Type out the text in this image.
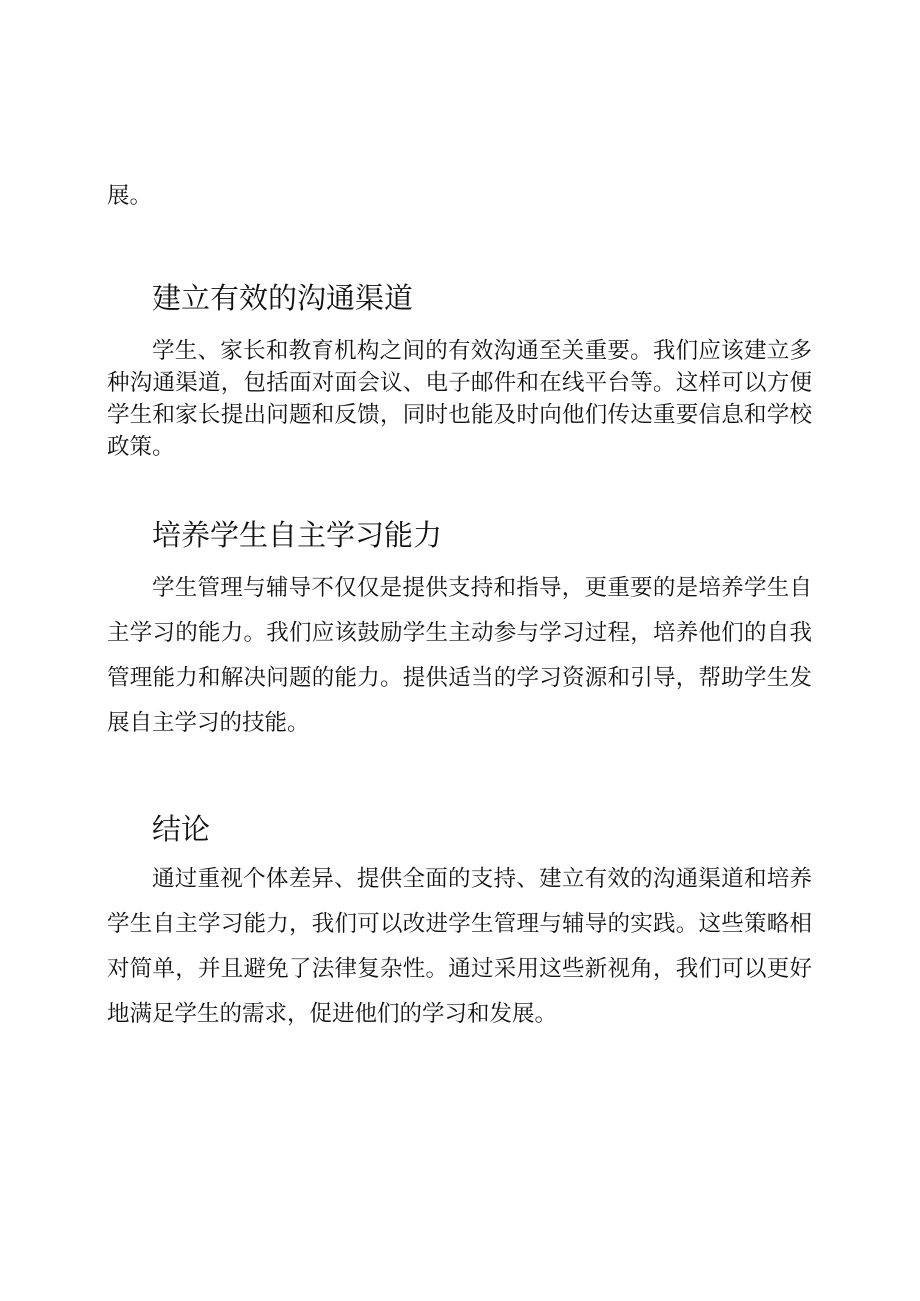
展。

建立有效的沟通渠道

学生、家长和教育机构之间的有效沟通至关重要。我们应该建立多种沟通渠道，包括面对面会议、电子邮件和在线平台等。这样可以方便学生和家长提出问题和反馈，同时也能及时向他们传达重要信息和学校政策。

培养学生自主学习能力

学生管理与辅导不仅仅是提供支持和指导，更重要的是培养学生自主学习的能力。我们应该鼓励学生主动参与学习过程，培养他们的自我管理能力和解决问题的能力。提供适当的学习资源和引导，帮助学生发展自主学习的技能。

结论

通过重视个体差异、提供全面的支持、建立有效的沟通渠道和培养学生自主学习能力，我们可以改进学生管理与辅导的实践。这些策略相对简单，并且避免了法律复杂性。通过采用这些新视角，我们可以更好地满足学生的需求，促进他们的学习和发展。
